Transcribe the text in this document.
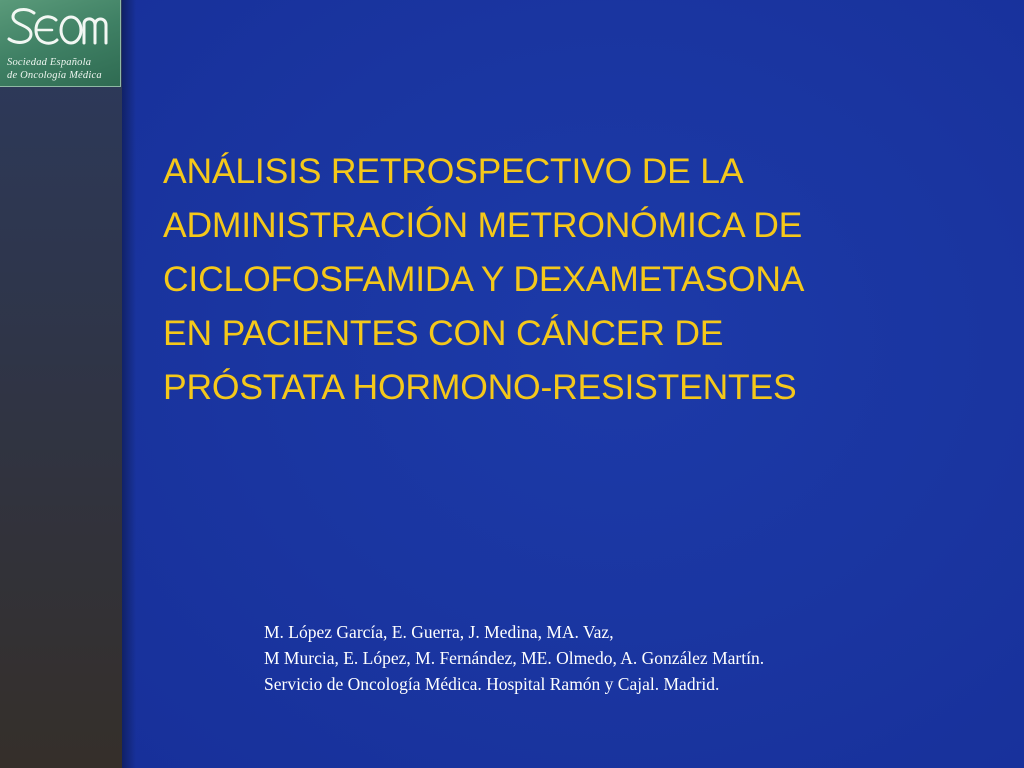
Sociedad Española
de Oncología Médica
ANÁLISIS RETROSPECTIVO DE LA
ADMINISTRACIÓN METRONÓMICA DE
CICLOFOSFAMIDA Y DEXAMETASONA
EN PACIENTES CON CÁNCER DE
PRÓSTATA HORMONO-RESISTENTES
M. López García, E. Guerra, J. Medina, MA. Vaz,
M Murcia, E. López, M. Fernández, ME. Olmedo, A. González Martín.
Servicio de Oncología Médica. Hospital Ramón y Cajal. Madrid.
